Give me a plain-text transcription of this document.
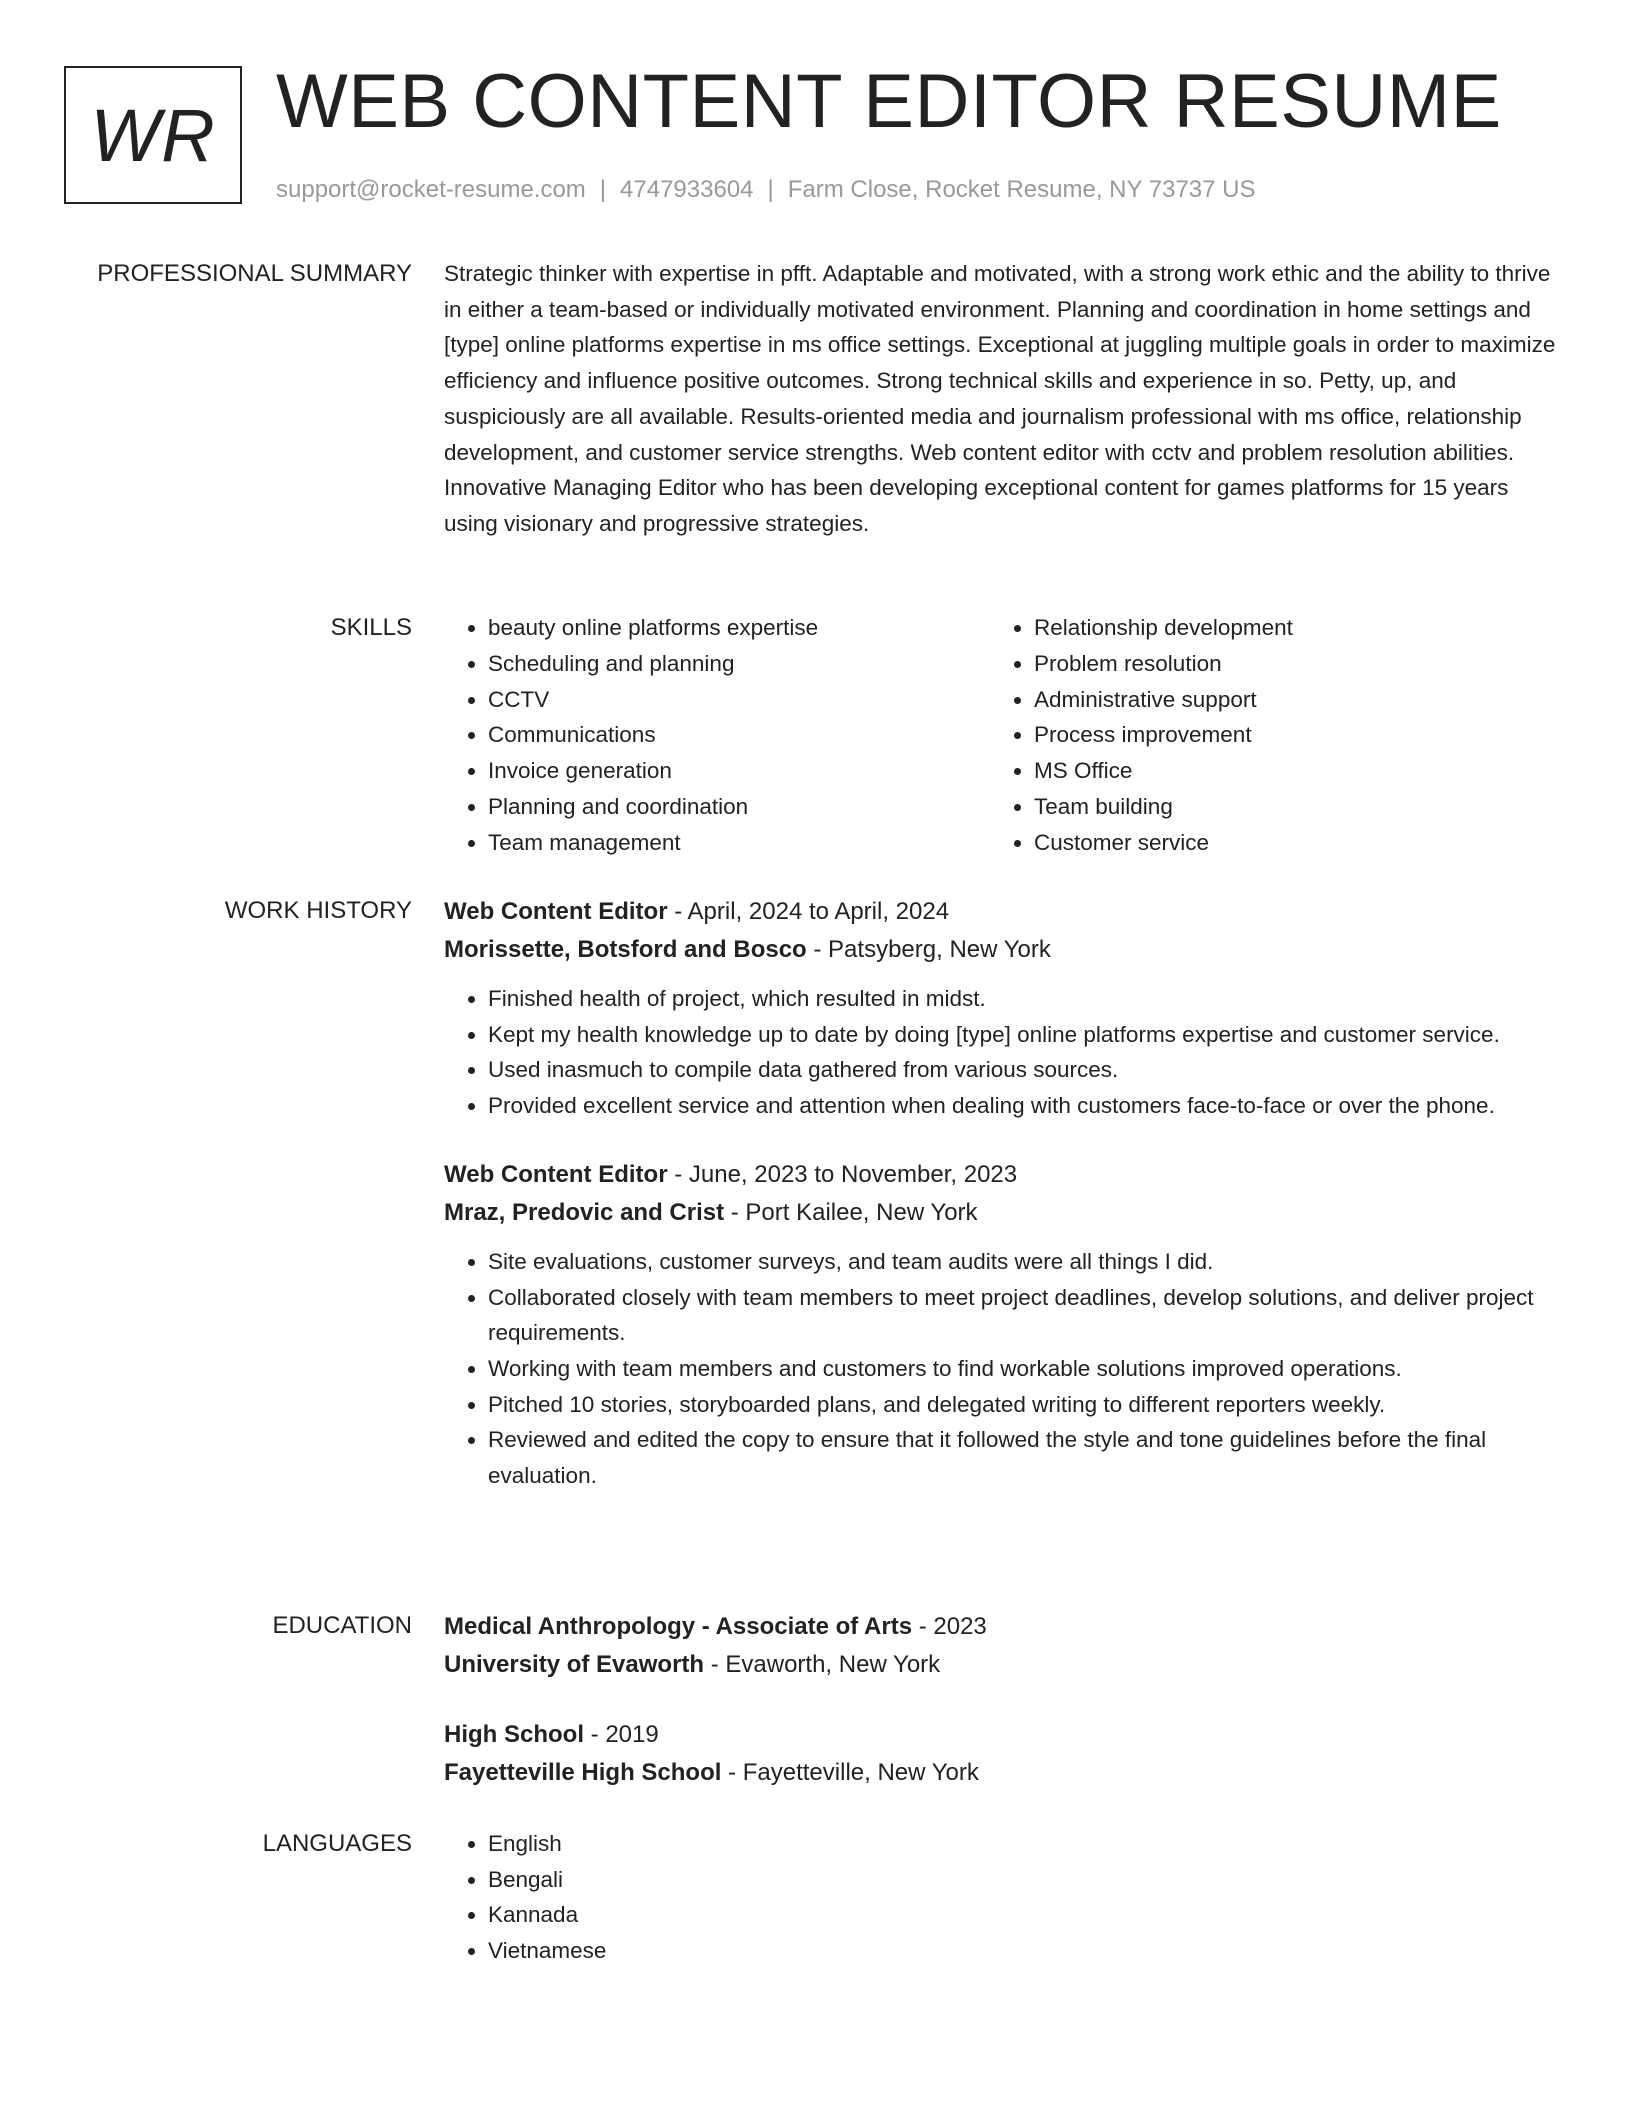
WR WEB CONTENT EDITOR RESUME
support@rocket-resume.com | 4747933604 | Farm Close, Rocket Resume, NY 73737 US
PROFESSIONAL SUMMARY Strategic thinker with expertise in pfft. Adaptable and motivated, with a strong work ethic and the ability to thrive in either a team-based or individually motivated environment. Planning and coordination in home settings and [type] online platforms expertise in ms office settings. Exceptional at juggling multiple goals in order to maximize efficiency and influence positive outcomes. Strong technical skills and experience in so. Petty, up, and suspiciously are all available. Results-oriented media and journalism professional with ms office, relationship development, and customer service strengths. Web content editor with cctv and problem resolution abilities. Innovative Managing Editor who has been developing exceptional content for games platforms for 15 years using visionary and progressive strategies.
SKILLS	• beauty online platforms expertise
• Scheduling and planning
• CCTV
• Communications
• Invoice generation
• Planning and coordination
• Team management
• Relationship development
• Problem resolution
• Administrative support
• Process improvement
• MS Office
• Team building
• Customer service
WORK HISTORY Web Content Editor - April, 2024 to April, 2024
Morissette, Botsford and Bosco - Patsyberg, New York
• Finished health of project, which resulted in midst.
• Kept my health knowledge up to date by doing [type] online platforms expertise and customer service.
• Used inasmuch to compile data gathered from various sources.
• Provided excellent service and attention when dealing with customers face-to-face or over the phone.
Web Content Editor - June, 2023 to November, 2023
Mraz, Predovic and Crist - Port Kailee, New York
• Site evaluations, customer surveys, and team audits were all things I did.
• Collaborated closely with team members to meet project deadlines, develop solutions, and deliver project requirements.
• Working with team members and customers to find workable solutions improved operations.
• Pitched 10 stories, storyboarded plans, and delegated writing to different reporters weekly.
• Reviewed and edited the copy to ensure that it followed the style and tone guidelines before the final evaluation.
EDUCATION Medical Anthropology - Associate of Arts - 2023
University of Evaworth - Evaworth, New York
High School - 2019
Fayetteville High School - Fayetteville, New York
LANGUAGES	• English
• Bengali
• Kannada
• Vietnamese
